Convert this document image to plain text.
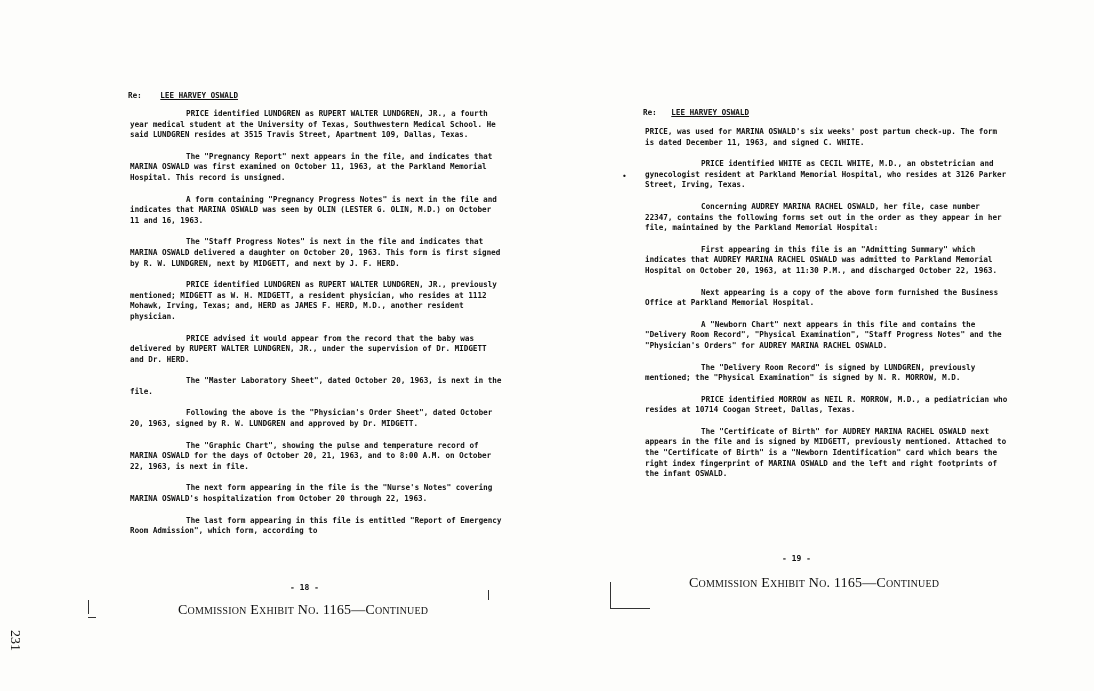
Re: LEE HARVEY OSWALD

PRICE identified LUNDGREN as RUPERT WALTER LUNDGREN, JR., a fourth year medical student at the University of Texas, Southwestern Medical School. He said LUNDGREN resides at 3515 Travis Street, Apartment 109, Dallas, Texas.

The "Pregnancy Report" next appears in the file, and indicates that MARINA OSWALD was first examined on October 11, 1963, at the Parkland Memorial Hospital. This record is unsigned.

A form containing "Pregnancy Progress Notes" is next in the file and indicates that MARINA OSWALD was seen by OLIN (LESTER G. OLIN, M.D.) on October 11 and 16, 1963.

The "Staff Progress Notes" is next in the file and indicates that MARINA OSWALD delivered a daughter on October 20, 1963. This form is first signed by R. W. LUNDGREN, next by MIDGETT, and next by J. F. HERD.

PRICE identified LUNDGREN as RUPERT WALTER LUNDGREN, JR., previously mentioned; MIDGETT as W. H. MIDGETT, a resident physician, who resides at 1112 Mohawk, Irving, Texas; and, HERD as JAMES F. HERD, M.D., another resident physician.

PRICE advised it would appear from the record that the baby was delivered by RUPERT WALTER LUNDGREN, JR., under the supervision of Dr. MIDGETT and Dr. HERD.

The "Master Laboratory Sheet", dated October 20, 1963, is next in the file.

Following the above is the "Physician's Order Sheet", dated October 20, 1963, signed by R. W. LUNDGREN and approved by Dr. MIDGETT.

The "Graphic Chart", showing the pulse and temperature record of MARINA OSWALD for the days of October 20, 21, 1963, and to 8:00 A.M. on October 22, 1963, is next in file.

The next form appearing in the file is the "Nurse's Notes" covering MARINA OSWALD's hospitalization from October 20 through 22, 1963.

The last form appearing in this file is entitled "Report of Emergency Room Admission", which form, according to

- 18 -
Commission Exhibit No. 1165—Continued
Re: LEE HARVEY OSWALD

PRICE, was used for MARINA OSWALD's six weeks' post partum check-up. The form is dated December 11, 1963, and signed C. WHITE.

PRICE identified WHITE as CECIL WHITE, M.D., an obstetrician and gynecologist resident at Parkland Memorial Hospital, who resides at 3126 Parker Street, Irving, Texas.

Concerning AUDREY MARINA RACHEL OSWALD, her file, case number 22347, contains the following forms set out in the order as they appear in her file, maintained by the Parkland Memorial Hospital:

First appearing in this file is an "Admitting Summary" which indicates that AUDREY MARINA RACHEL OSWALD was admitted to Parkland Memorial Hospital on October 20, 1963, at 11:30 P.M., and discharged October 22, 1963.

Next appearing is a copy of the above form furnished the Business Office at Parkland Memorial Hospital.

A "Newborn Chart" next appears in this file and contains the "Delivery Room Record", "Physical Examination", "Staff Progress Notes" and the "Physician's Orders" for AUDREY MARINA RACHEL OSWALD.

The "Delivery Room Record" is signed by LUNDGREN, previously mentioned; the "Physical Examination" is signed by N. R. MORROW, M.D.

PRICE identified MORROW as NEIL R. MORROW, M.D., a pediatrician who resides at 10714 Coogan Street, Dallas, Texas.

The "Certificate of Birth" for AUDREY MARINA RACHEL OSWALD next appears in the file and is signed by MIDGETT, previously mentioned. Attached to the "Certificate of Birth" is a "Newborn Identification" card which bears the right index fingerprint of MARINA OSWALD and the left and right footprints of the infant OSWALD.

- 19 -
Commission Exhibit No. 1165—Continued
•
231
